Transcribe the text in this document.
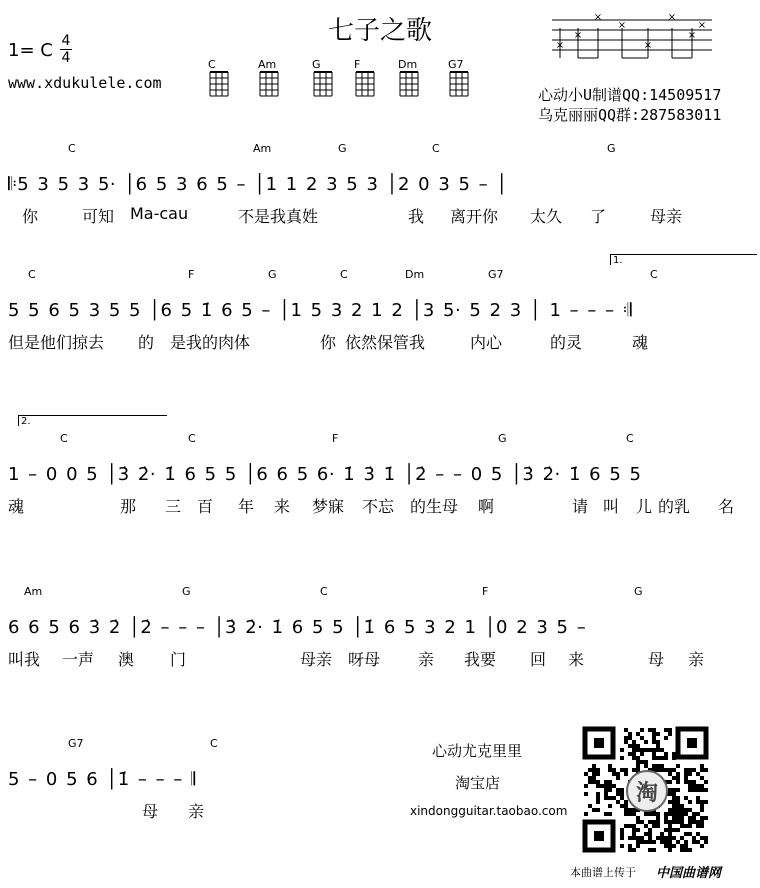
七子之歌
1= C 4
4
www.xdukulele.com
心动小U制谱QQ:14509517
乌克丽丽QQ群:287583011
×
×
×
×
×
×
×
×
C	Am	G	F	Dm	G7
C	Am	G	C	G
𝄆5 3 5 3 5· │6 5 3 6 5 – │1 1 2 3 5 3 │2 0 3 5 – │
你	可知 Ma-cau	不是我真姓	我 离开你 太久 了	母亲
C	F	G	C	Dm	G7	C
5 5 6 5 3 5 5 │6 5 1̇ 6 5 – │1 5 3 2 1 2 │3 5· 5 2 3 │ 1 – – – 𝄇
但是他们掠去 的 是我的肉体	你 依然保管我	内心	的灵	魂
1.
C	C	F	G	C
1 – 0 0 5 │3̇ 2̇· 1̇ 6 5 5 │6 6 5 6· 1̇ 3̇ 1̇ │2̇ – – 0 5 │3̇ 2̇· 1̇ 6 5 5
魂	那 三 百 年 来 梦寐 不忘 的生母 啊	请 叫 儿 的乳 名
2.
Am	G	C	F	G
6 6 5 6 3̇ 2̇ │2̇ – – – │3̇ 2̇· 1̇ 6 5 5 │1̇ 6 5 3 2 1 │0 2 3 5 –
叫我 一声 澳 门	母亲 呀母 亲 我要 回 来	母 亲
G7	C
5 – 0 5 6 │1̇ – – – 𝄂
母 亲
心动尤克里里
淘宝店
xindongguitar.taobao.com
淘
本曲谱上传于 中国曲谱网
